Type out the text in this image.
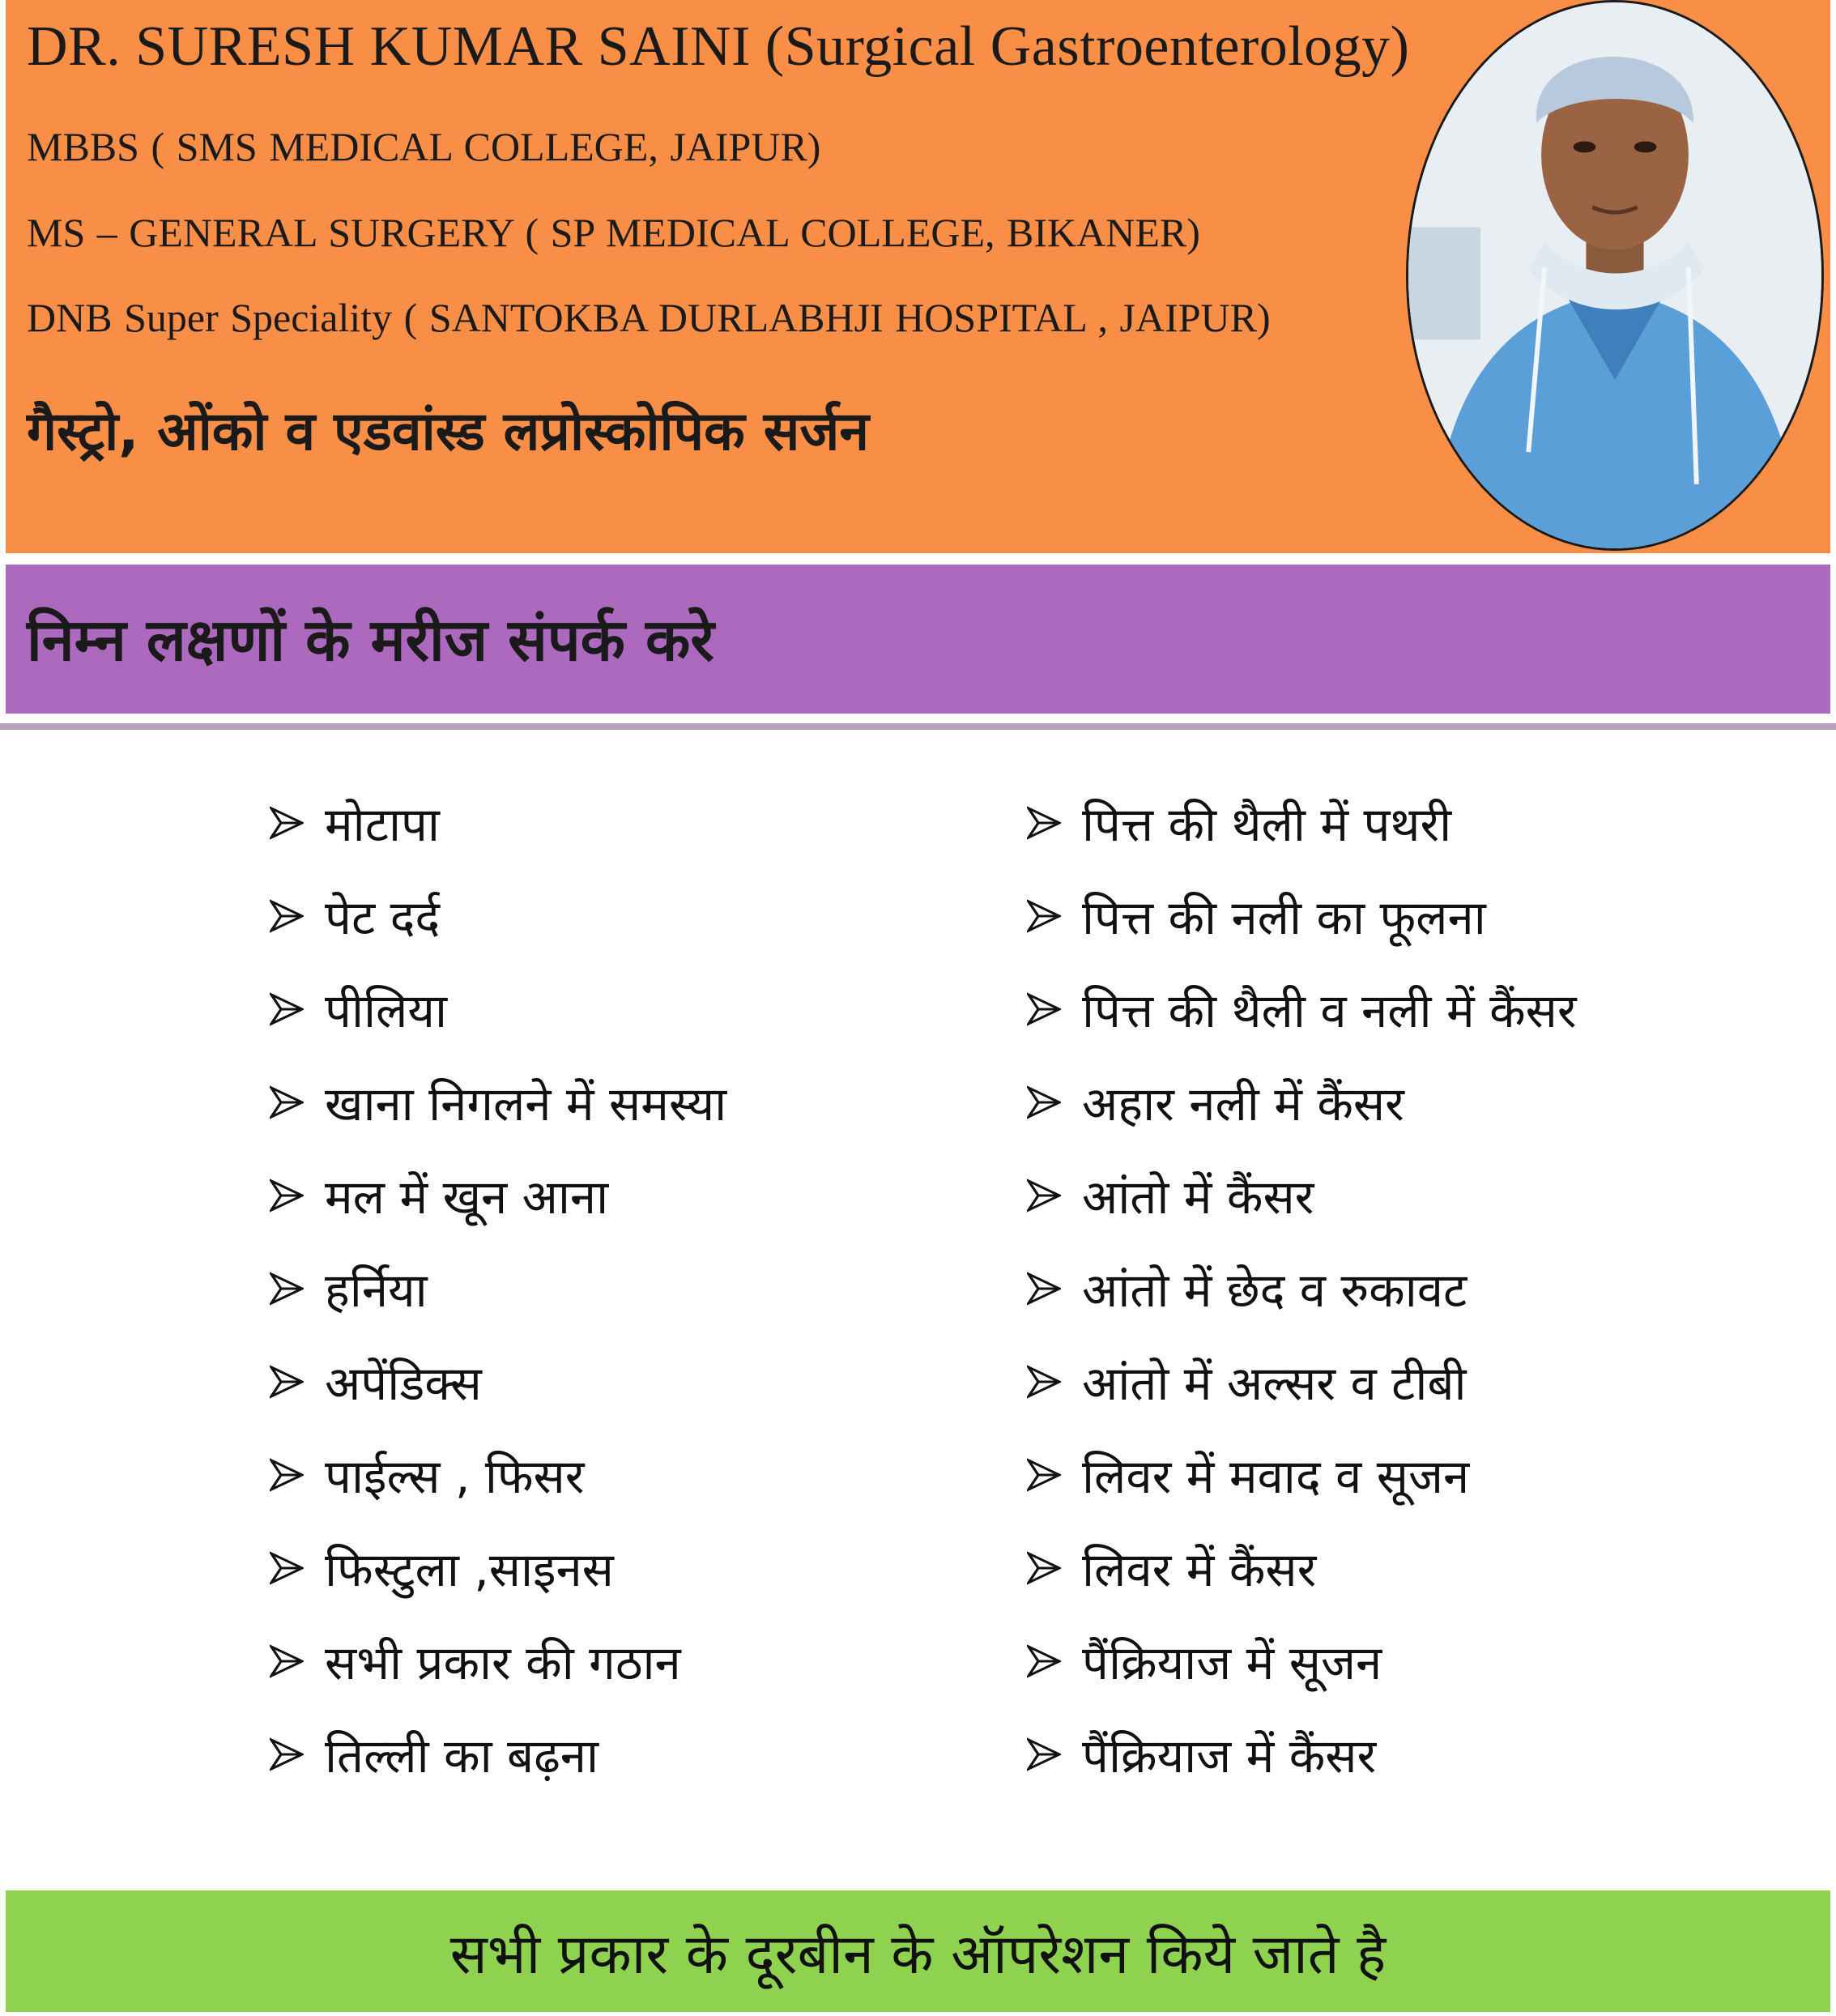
DR. SURESH KUMAR SAINI (Surgical Gastroenterology)
MBBS ( SMS MEDICAL COLLEGE, JAIPUR)
MS – GENERAL SURGERY ( SP MEDICAL COLLEGE, BIKANER)
DNB Super Speciality ( SANTOKBA DURLABHJI HOSPITAL , JAIPUR)
गैस्ट्रो, ओंको व एडवांस्ड लप्रोस्कोपिक सर्जन
निम्न लक्षणों के मरीज संपर्क करे
मोटापा
पेट दर्द
पीलिया
खाना निगलने में समस्या
मल में खून आना
हर्निया
अपेंडिक्स
पाईल्स , फिसर
फिस्टुला ,साइनस
सभी प्रकार की गठान
तिल्ली का बढ़ना
पित्त की थैली में पथरी
पित्त की नली का फूलना
पित्त की थैली व नली में कैंसर
अहार नली में कैंसर
आंतो में कैंसर
आंतो में छेद व रुकावट
आंतो में अल्सर व टीबी
लिवर में मवाद व सूजन
लिवर में कैंसर
पैंक्रियाज में सूजन
पैंक्रियाज में कैंसर
सभी प्रकार के दूरबीन के ऑपरेशन किये जाते है
